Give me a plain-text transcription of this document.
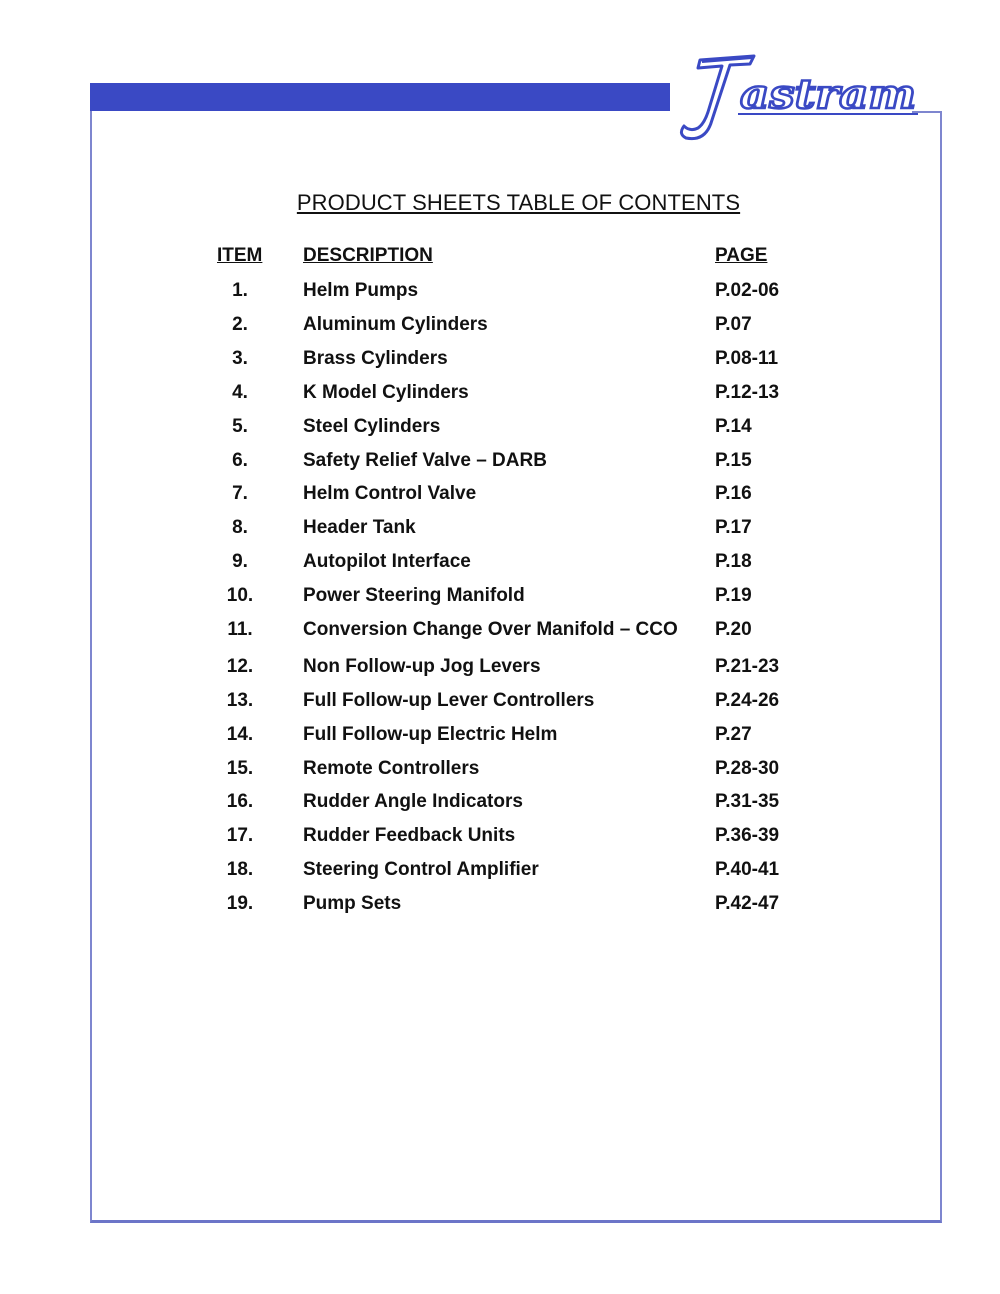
astram
PRODUCT SHEETS TABLE OF CONTENTS
ITEM DESCRIPTION	PAGE
1.	Helm Pumps	P.02-06
2.	Aluminum Cylinders	P.07
3.	Brass Cylinders	P.08-11
4.	K Model Cylinders	P.12-13
5.	Steel Cylinders	P.14
6.	Safety Relief Valve – DARB	P.15
7.	Helm Control Valve	P.16
8.	Header Tank	P.17
9.	Autopilot Interface	P.18
10.	Power Steering Manifold	P.19
11.	Conversion Change Over Manifold – CCO P.20
12.	Non Follow-up Jog Levers	P.21-23
13.	Full Follow-up Lever Controllers	P.24-26
14.	Full Follow-up Electric Helm	P.27
15.	Remote Controllers	P.28-30
16.	Rudder Angle Indicators	P.31-35
17.	Rudder Feedback Units	P.36-39
18.	Steering Control Amplifier	P.40-41
19.	Pump Sets	P.42-47
